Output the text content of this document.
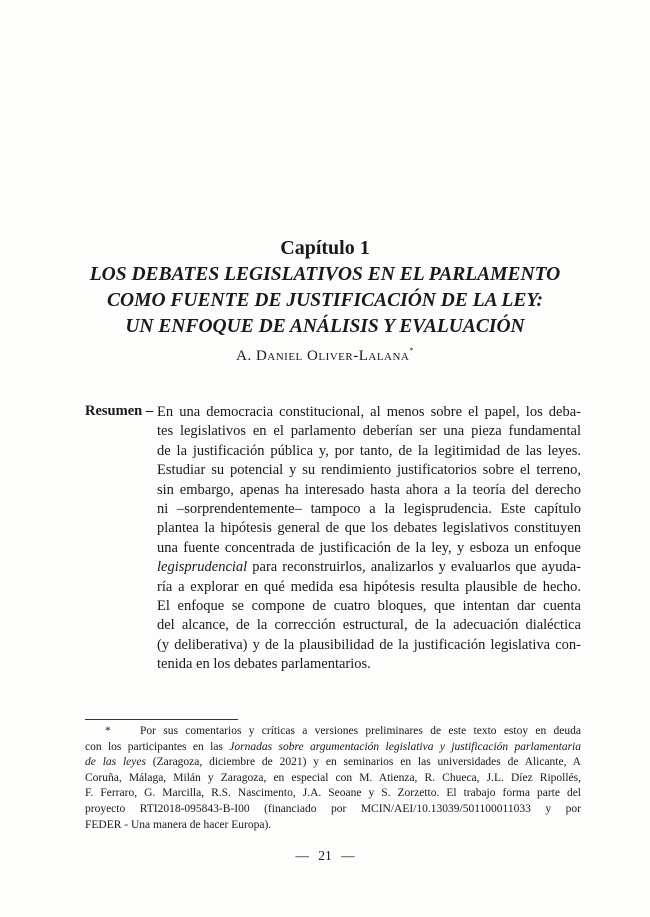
Capítulo 1
LOS DEBATES LEGISLATIVOS EN EL PARLAMENTO
COMO FUENTE DE JUSTIFICACIÓN DE LA LEY:
UN ENFOQUE DE ANÁLISIS Y EVALUACIÓN
A. Daniel Oliver-Lalana*
Resumen – En una democracia constitucional, al menos sobre el papel, los deba-
tes legislativos en el parlamento deberían ser una pieza fundamental
de la justificación pública y, por tanto, de la legitimidad de las leyes.
Estudiar su potencial y su rendimiento justificatorios sobre el terreno,
sin embargo, apenas ha interesado hasta ahora a la teoría del derecho
ni –sorprendentemente– tampoco a la legisprudencia. Este capítulo
plantea la hipótesis general de que los debates legislativos constituyen
una fuente concentrada de justificación de la ley, y esboza un enfoque
legisprudencial para reconstruirlos, analizarlos y evaluarlos que ayuda-
ría a explorar en qué medida esa hipótesis resulta plausible de hecho.
El enfoque se compone de cuatro bloques, que intentan dar cuenta
del alcance, de la corrección estructural, de la adecuación dialéctica
(y deliberativa) y de la plausibilidad de la justificación legislativa con-
tenida en los debates parlamentarios.
*	Por sus comentarios y críticas a versiones preliminares de este texto estoy en deuda
con los participantes en las Jornadas sobre argumentación legislativa y justificación parlamentaria
de las leyes (Zaragoza, diciembre de 2021) y en seminarios en las universidades de Alicante, A
Coruña, Málaga, Milán y Zaragoza, en especial con M. Atienza, R. Chueca, J.L. Díez Ripollés,
F. Ferraro, G. Marcilla, R.S. Nascimento, J.A. Seoane y S. Zorzetto. El trabajo forma parte del
proyecto RTI2018-095843-B-I00 (financiado por MCIN/AEI/10.13039/501100011033 y por
FEDER - Una manera de hacer Europa).
— 21 —
